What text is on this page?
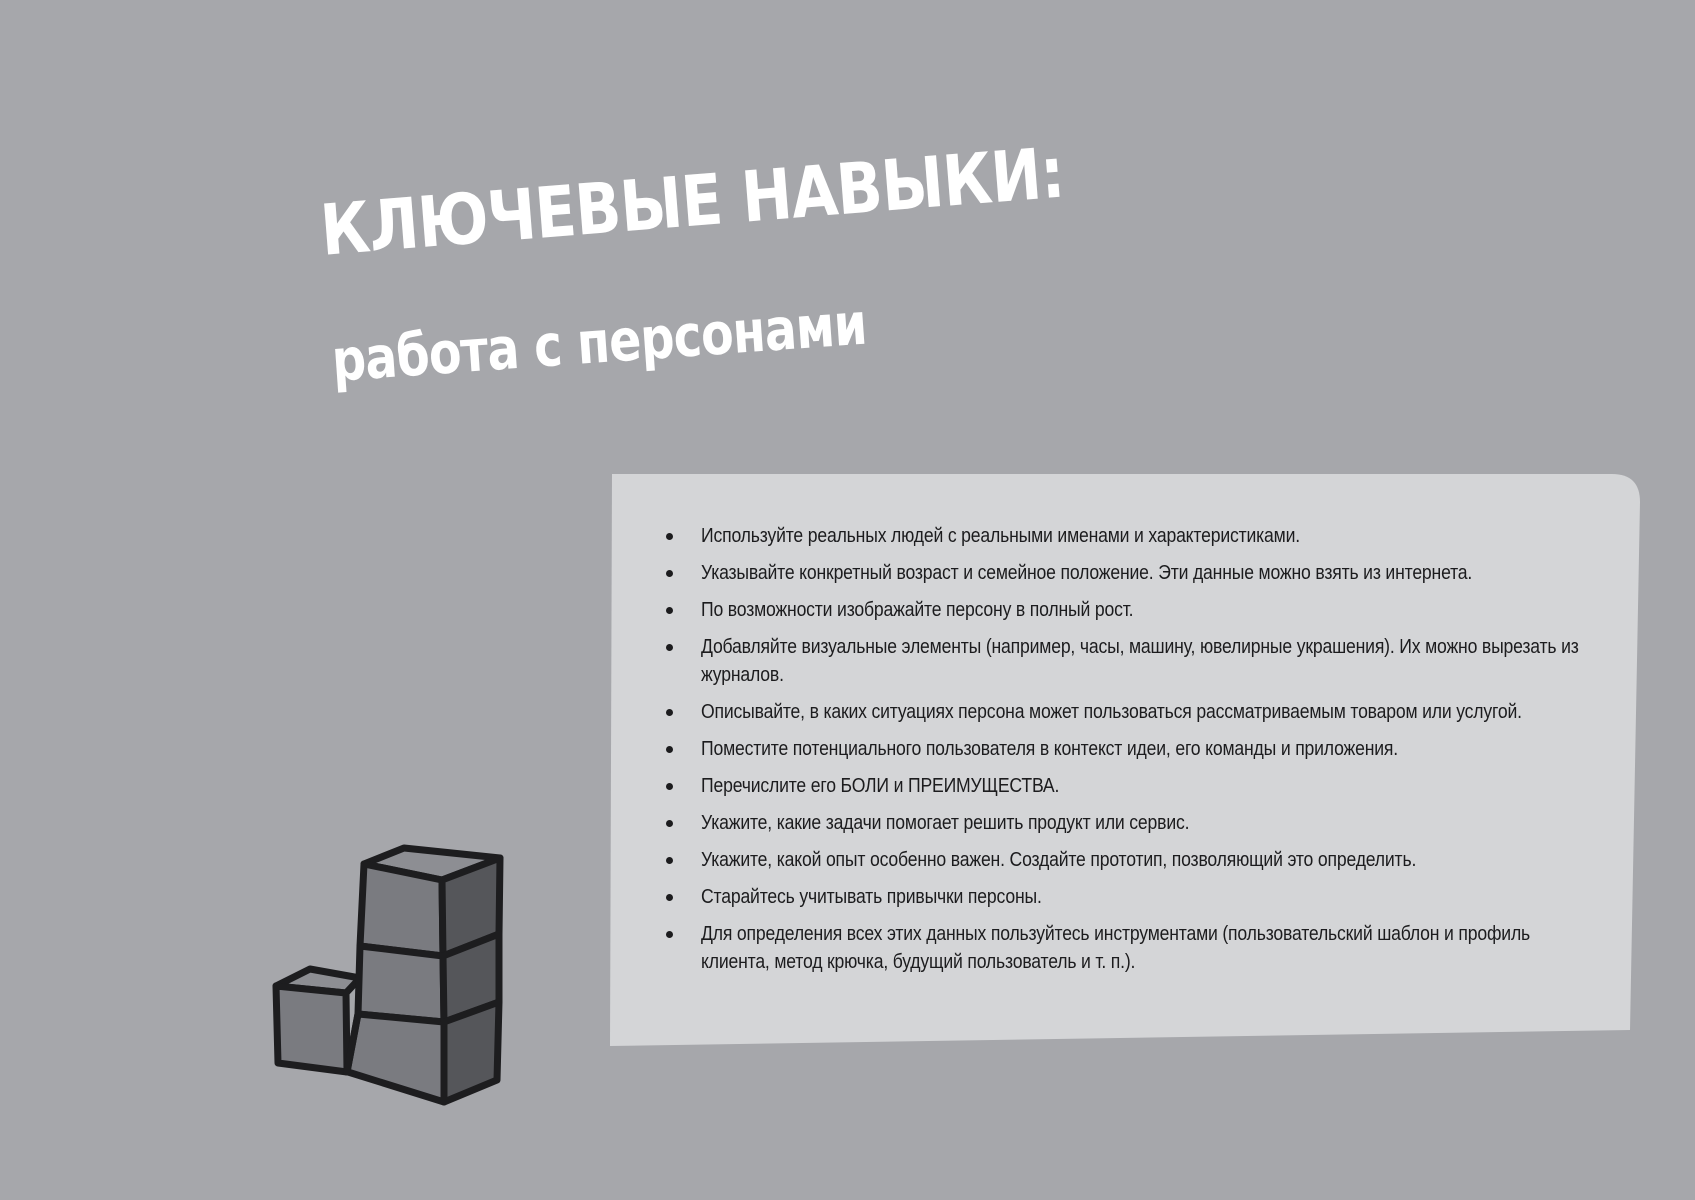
КЛЮЧЕВЫЕ НАВЫКИ:
работа с персонами
Используйте реальных людей с реальными именами и характеристиками.
Указывайте конкретный возраст и семейное положение. Эти данные можно взять из интернета.
По возможности изображайте персону в полный рост.
Добавляйте визуальные элементы (например, часы, машину, ювелирные украшения). Их можно вырезать из журналов.
Описывайте, в каких ситуациях персона может пользоваться рассматриваемым товаром или услугой.
Поместите потенциального пользователя в контекст идеи, его команды и приложения.
Перечислите его БОЛИ и ПРЕИМУЩЕСТВА.
Укажите, какие задачи помогает решить продукт или сервис.
Укажите, какой опыт особенно важен. Создайте прототип, позволяющий это определить.
Старайтесь учитывать привычки персоны.
Для определения всех этих данных пользуйтесь инструментами (пользовательский шаблон и профиль клиента, метод крючка, будущий пользователь и т. п.).
